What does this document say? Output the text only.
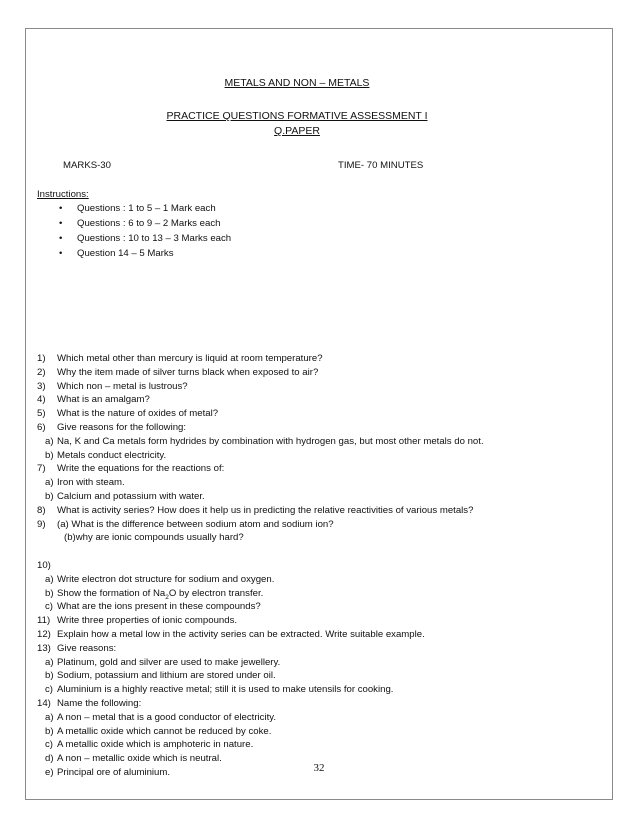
METALS AND NON – METALS
PRACTICE QUESTIONS FORMATIVE ASSESSMENT I
Q.PAPER
MARKS-30	TIME- 70 MINUTES
Instructions:
• Questions : 1 to 5 – 1 Mark each
• Questions : 6 to 9 – 2 Marks each
• Questions : 10 to 13 – 3 Marks each
• Question 14 – 5 Marks
1) Which metal other than mercury is liquid at room temperature?
2) Why the item made of silver turns black when exposed to air?
3) Which non – metal is lustrous?
4) What is an amalgam?
5) What is the nature of oxides of metal?
6) Give reasons for the following:
a) Na, K and Ca metals form hydrides by combination with hydrogen gas, but most other metals do not.
b) Metals conduct electricity.
7) Write the equations for the reactions of:
a) Iron with steam.
b) Calcium and potassium with water.
8) What is activity series? How does it help us in predicting the relative reactivities of various metals?
9) (a) What is the difference between sodium atom and sodium ion?
(b)why are ionic compounds usually hard?
10)
a) Write electron dot structure for sodium and oxygen.
b) Show the formation of $Na_2O$ by electron transfer.
c) What are the ions present in these compounds?
11) Write three properties of ionic compounds.
12) Explain how a metal low in the activity series can be extracted. Write suitable example.
13) Give reasons:
a) Platinum, gold and silver are used to make jewellery.
b) Sodium, potassium and lithium are stored under oil.
c) Aluminium is a highly reactive metal; still it is used to make utensils for cooking.
14) Name the following:
a) A non – metal that is a good conductor of electricity.
b) A metallic oxide which cannot be reduced by coke.
c) A metallic oxide which is amphoteric in nature.
d) A non – metallic oxide which is neutral.
e) Principal ore of aluminium.	32
